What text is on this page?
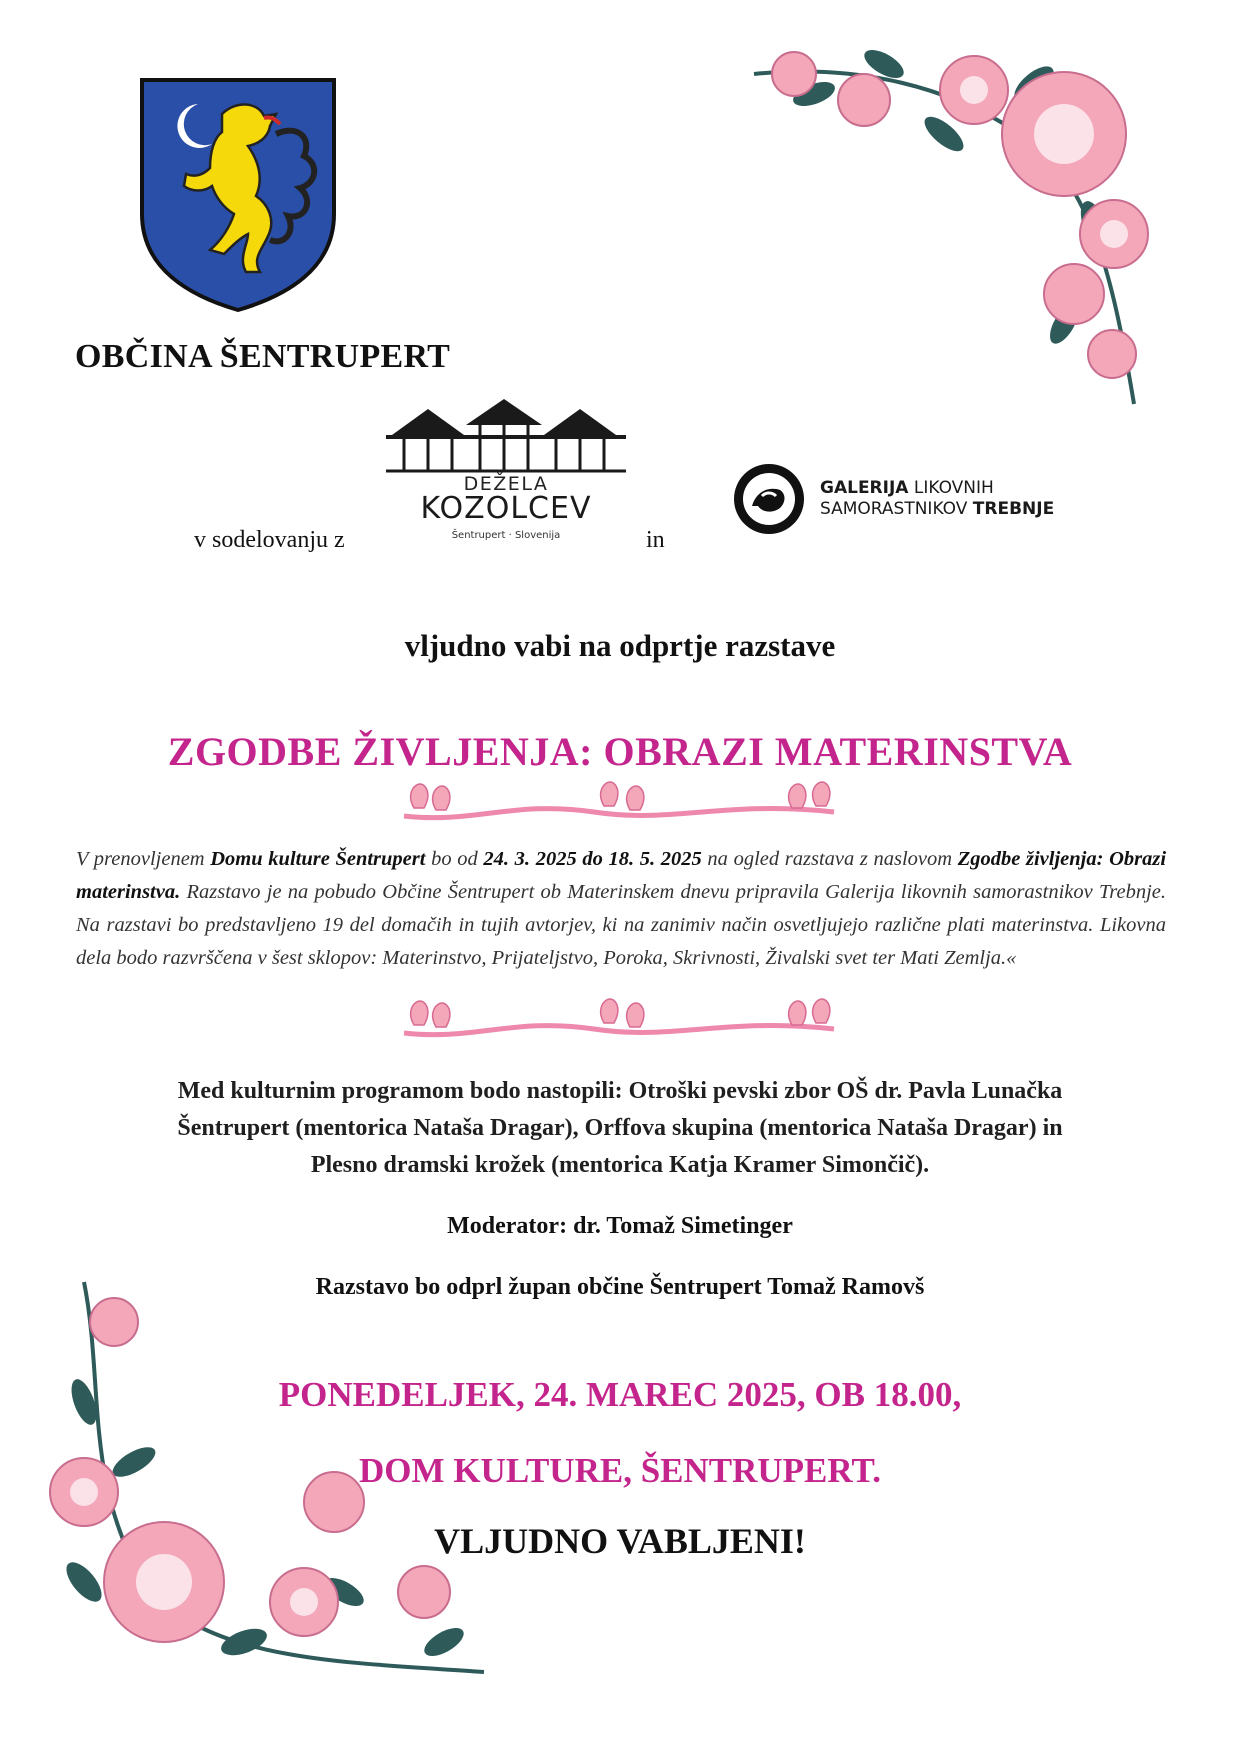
OBČINA ŠENTRUPERT
DEŽELA
KOZOLCEV
Šentrupert · Slovenija
v sodelovanju z	in
GALERIJA LIKOVNIH
SAMORASTNIKOV TREBNJE
vljudno vabi na odprtje razstave
ZGODBE ŽIVLJENJA: OBRAZI MATERINSTVA
V prenovljenem Domu kulture Šentrupert bo od 24. 3. 2025 do 18. 5. 2025 na ogled razstava z naslovom Zgodbe življenja: Obrazi materinstva. Razstavo je na pobudo Občine Šentrupert ob Materinskem dnevu pripravila Galerija likovnih samorastnikov Trebnje. Na razstavi bo predstavljeno 19 del domačih in tujih avtorjev, ki na zanimiv način osvetljujejo različne plati materinstva. Likovna dela bodo razvrščena v šest sklopov: Materinstvo, Prijateljstvo, Poroka, Skrivnosti, Živalski svet ter Mati Zemlja.«
Med kulturnim programom bodo nastopili: Otroški pevski zbor OŠ dr. Pavla Lunačka
Šentrupert (mentorica Nataša Dragar), Orffova skupina (mentorica Nataša Dragar) in
Plesno dramski krožek (mentorica Katja Kramer Simončič).
Moderator: dr. Tomaž Simetinger
Razstavo bo odprl župan občine Šentrupert Tomaž Ramovš
PONEDELJEK, 24. MAREC 2025, OB 18.00,
DOM KULTURE, ŠENTRUPERT.
VLJUDNO VABLJENI!
